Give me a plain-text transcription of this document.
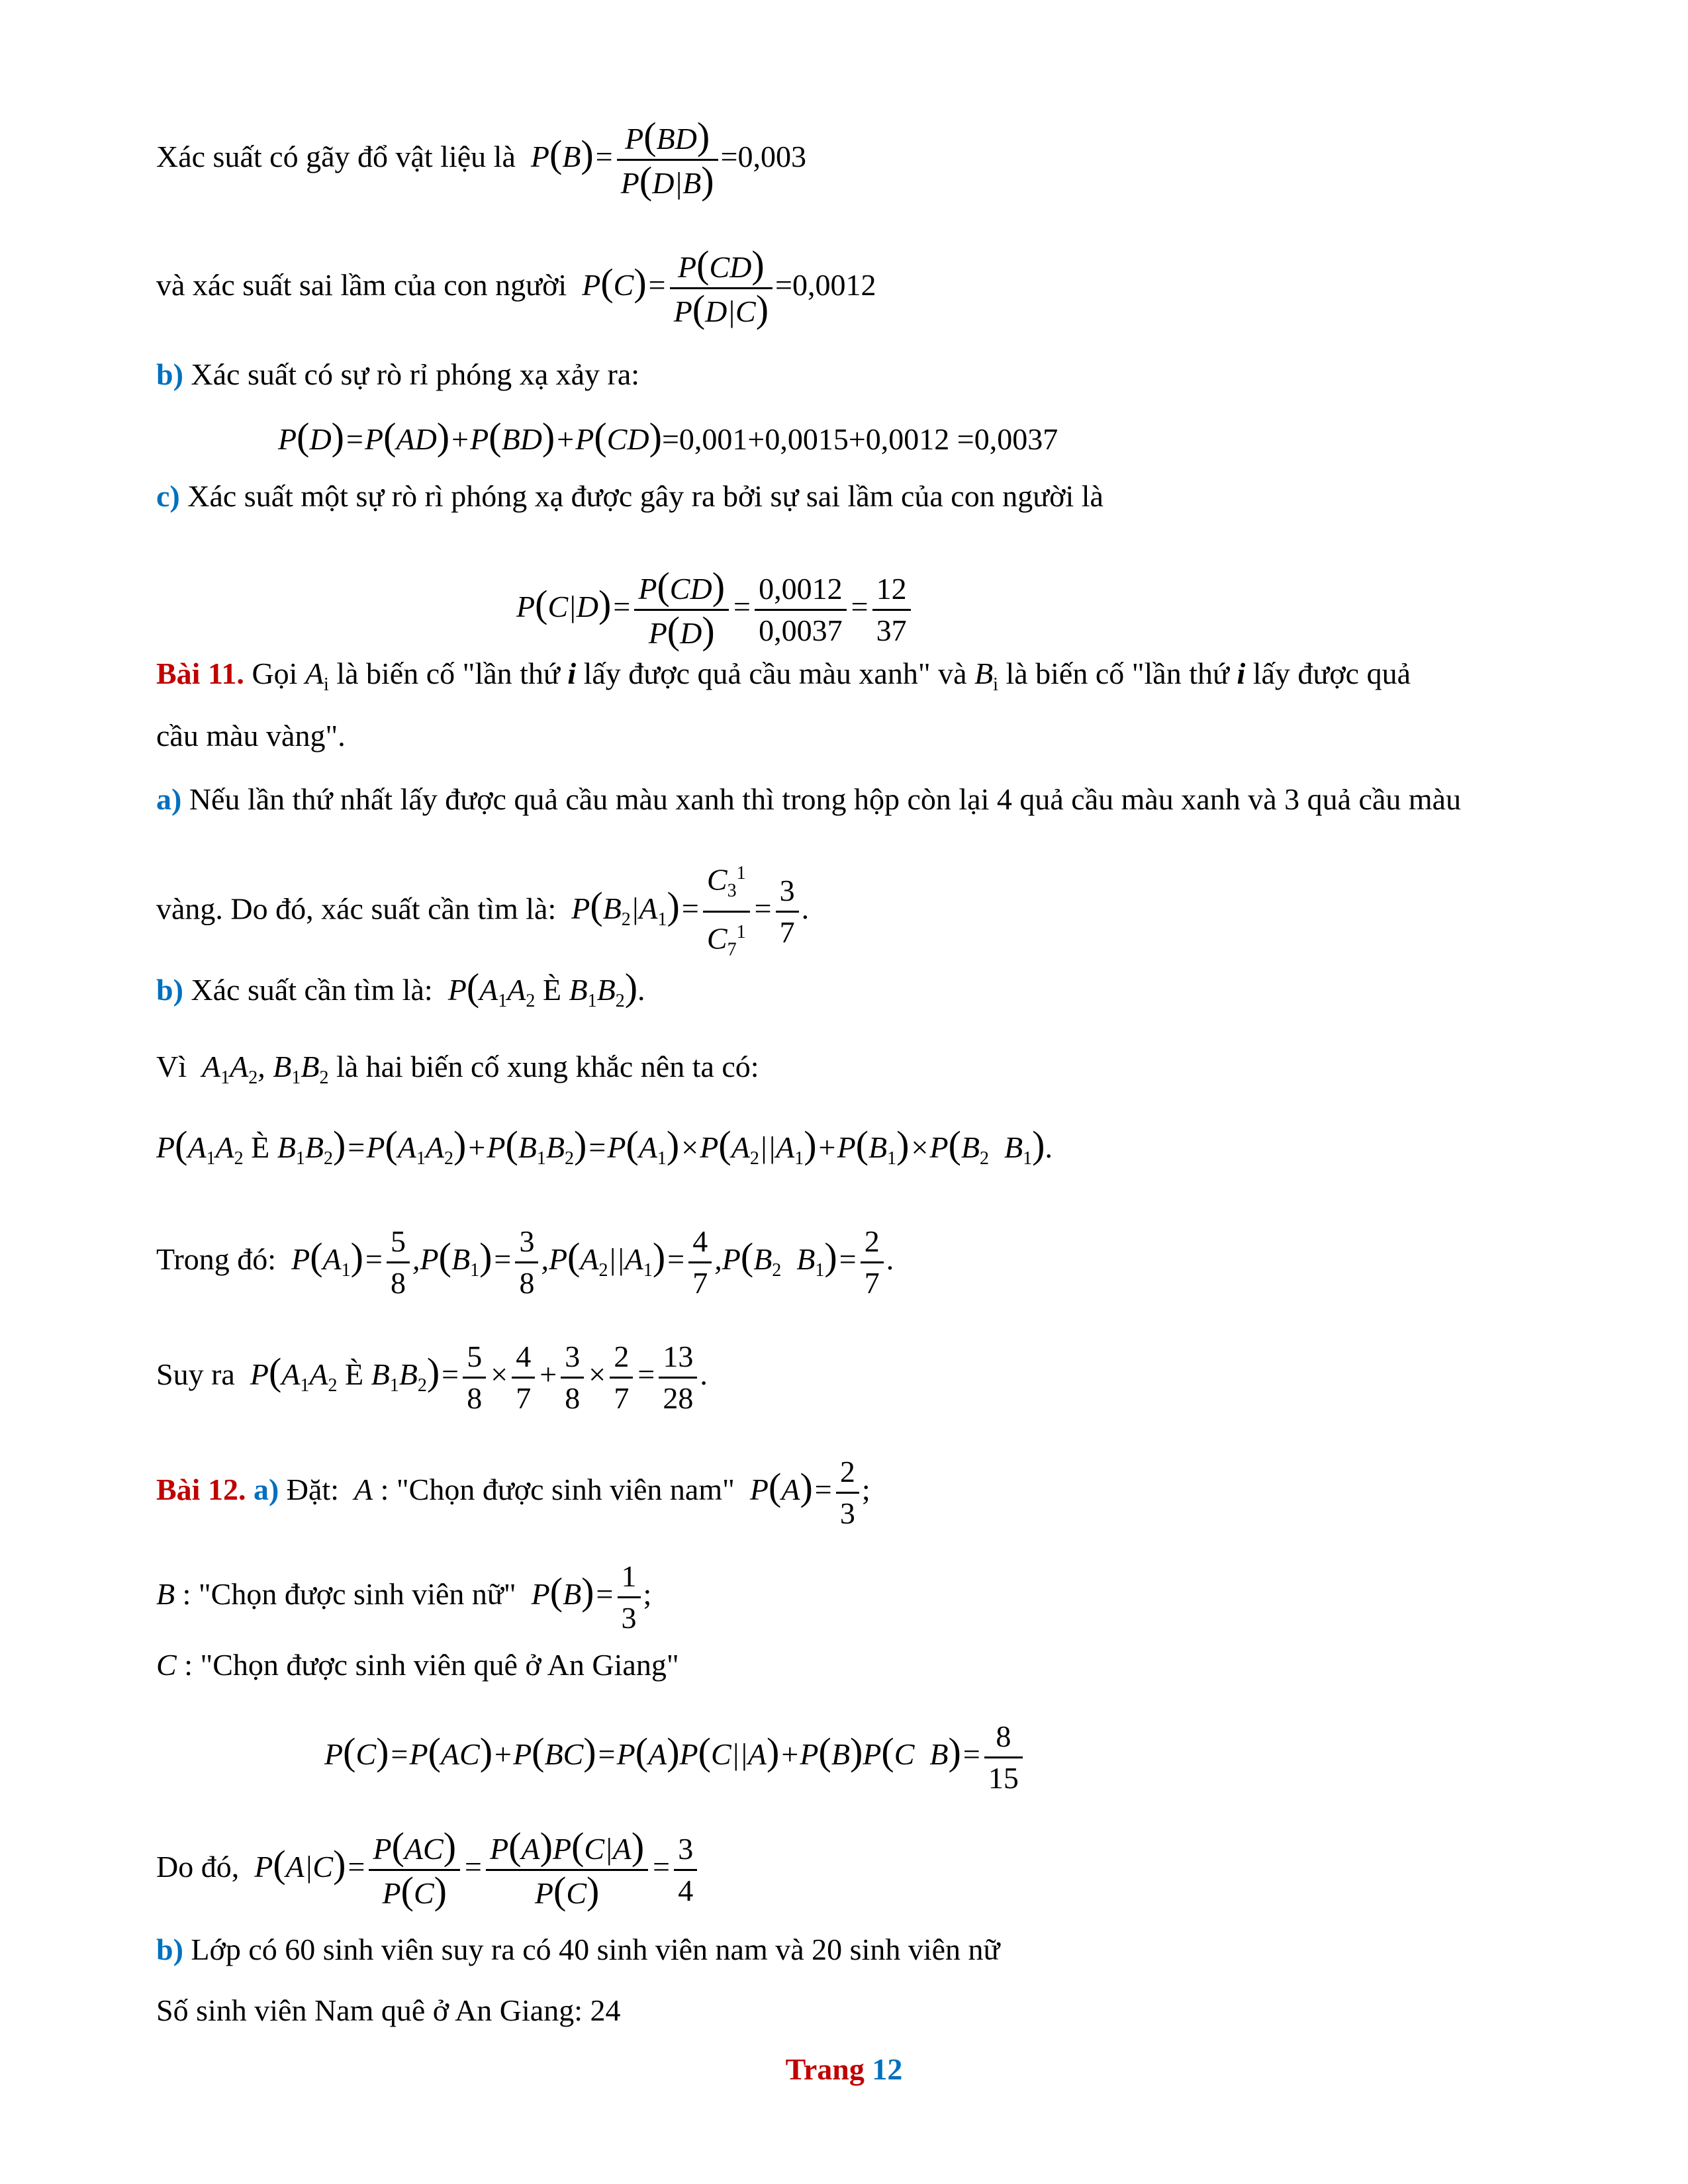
Xác suất có gãy đổ vật liệu là  $P(B)= \frac{P(BD)}{P(D|B)} =0,003$
và xác suất sai lầm của con người  $P(C)= \frac{P(CD)}{P(D|C)} =0,0012$
b) Xác suất có sự rò rỉ phóng xạ xảy ra:
P(D)=P(AD)+P(BD)+P(CD)=0,001+0,0015+0,0012 =0,0037
c) Xác suất một sự rò rì phóng xạ được gây ra bởi sự sai lầm của con người là
$P(C|D)= \frac{P(CD)}{P(D)} = \frac{0,0012}{0,0037} = \frac{12}{37}$
Bài 11. Gọi $A_i$ là biến cố "lần thứ i lấy được quả cầu màu xanh" và $B_i$ là biến cố "lần thứ i lấy được quả
cầu màu vàng".
a) Nếu lần thứ nhất lấy được quả cầu màu xanh thì trong hộp còn lại 4 quả cầu màu xanh và 3 quả cầu màu
vàng. Do đó, xác suất cần tìm là:  $P(B_2|A_1)= \frac{C_3^1}{C_7^1} = \frac{3}{7}$ .
b) Xác suất cần tìm là:  $P(A_1A_2$ È $B_1B_2$).
Vì  $A_1A_2$, $B_1B_2$ là hai biến cố xung khắc nên ta có:
$P(A_1A_2$ È $B_1B_2)=P(A_1A_2)+P(B_1B_2)=P(A_1)\times P(A_2||A_1)+P(B_1)\times P(B_2$  $B_1$).
Trong đó:  $P(A_1)= \frac{5}{8} ,P(B_1)= \frac{3}{8} ,P(A_2||A_1)= \frac{4}{7} ,P(B_2$  $B_1)= \frac{2}{7}$ .
Suy ra  $P(A_1A_2$ È $B_1B_2)= \frac{5}{8} \times \frac{4}{7} + \frac{3}{8} \times \frac{2}{7} = \frac{13}{28}$ .
Bài 12. a) Đặt:  A : "Chọn được sinh viên nam"  $P(A)= \frac{2}{3}$ ;
B : "Chọn được sinh viên nữ"  $P(B)= \frac{1}{3}$ ;
C : "Chọn được sinh viên quê ở An Giang"
P(C)=P(AC)+P(BC)=P(A)P(C||A)+P(B)P(C  $B)= \frac{8}{15}$
Do đó,  $P(A|C)= \frac{P(AC)}{P(C)} = \frac{P(A)P(C|A)}{P(C)} = \frac{3}{4}$
b) Lớp có 60 sinh viên suy ra có 40 sinh viên nam và 20 sinh viên nữ
Số sinh viên Nam quê ở An Giang: 24
Trang 12
